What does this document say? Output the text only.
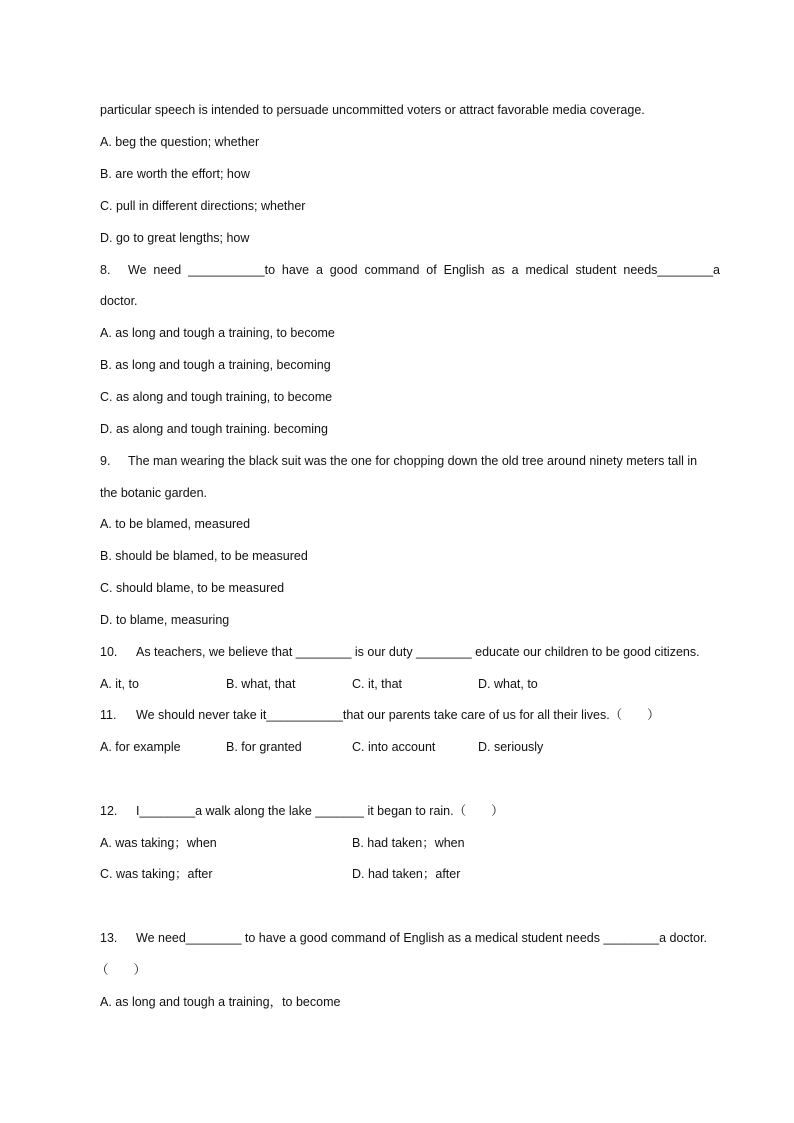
particular speech is intended to persuade uncommitted voters or attract favorable media coverage.
A. beg the question; whether
B. are worth the effort; how
C. pull in different directions; whether
D. go to great lengths; how
8. We need ___________to have a good command of English as a medical student needs________a
doctor.
A. as long and tough a training, to become
B. as long and tough a training, becoming
C. as along and tough training, to become
D. as along and tough training. becoming
9. The man wearing the black suit was the one for chopping down the old tree around ninety meters tall in
the botanic garden.
A. to be blamed, measured
B. should be blamed, to be measured
C. should blame, to be measured
D. to blame, measuring
10. As teachers, we believe that ________ is our duty ________ educate our children to be good citizens.
A. it, to	B. what, that	C. it, that	D. what, to
11. We should never take it___________that our parents take care of us for all their lives.（　　）
A. for example	B. for granted	C. into account	D. seriously
12. I________a walk along the lake _______ it began to rain.（　　）
A. was taking；when	B. had taken；when
C. was taking；after	D. had taken；after
13. We need________ to have a good command of English as a medical student needs ________a doctor.
（　　）
A. as long and tough a training，to become
